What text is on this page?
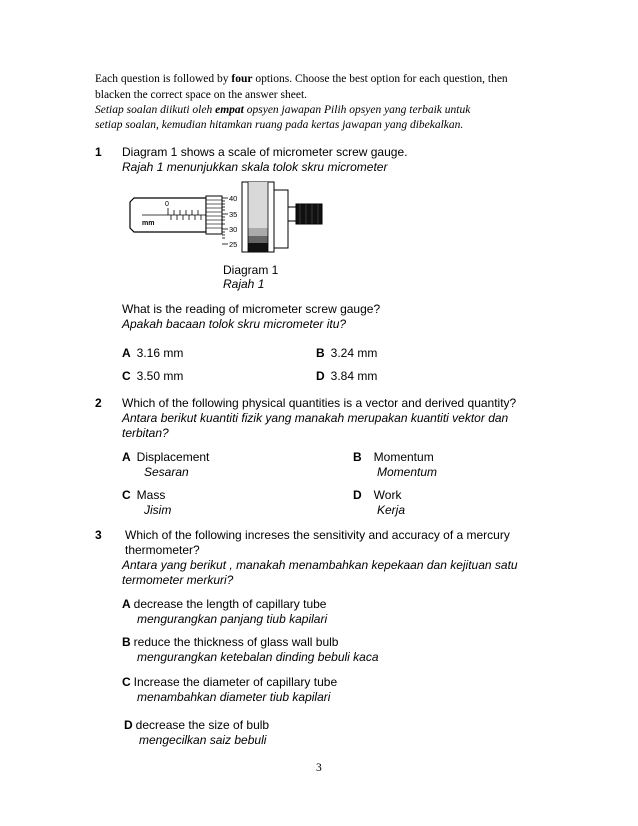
Each question is followed by four options. Choose the best option for each question, then
blacken the correct space on the answer sheet.
Setiap soalan diikuti oleh empat opsyen jawapan Pilih opsyen yang terbaik untuk
setiap soalan, kemudian hitamkan ruang pada kertas jawapan yang dibekalkan.
1 Diagram 1 shows a scale of micrometer screw gauge.
Rajah 1 menunjukkan skala tolok skru micrometer
0
mm
40
35
30
25
Diagram 1
Rajah 1
What is the reading of micrometer screw gauge?
Apakah bacaan tolok skru micrometer itu?
A 3.16 mm	B 3.24 mm
C 3.50 mm	D 3.84 mm
2 Which of the following physical quantities is a vector and derived quantity?
Antara berikut kuantiti fizik yang manakah merupakan kuantiti vektor dan
terbitan?
A Displacement
Sesaran
B Momentum
Momentum
C Mass
Jisim
D Work
Kerja
3 Which of the following increses the sensitivity and accuracy of a mercury
thermometer?
Antara yang berikut , manakah menambahkan kepekaan dan kejituan satu
termometer merkuri?
A decrease the length of capillary tube
mengurangkan panjang tiub kapilari
B reduce the thickness of glass wall bulb
mengurangkan ketebalan dinding bebuli kaca
C Increase the diameter of capillary tube
menambahkan diameter tiub kapilari
D decrease the size of bulb
mengecilkan saiz bebuli
3
